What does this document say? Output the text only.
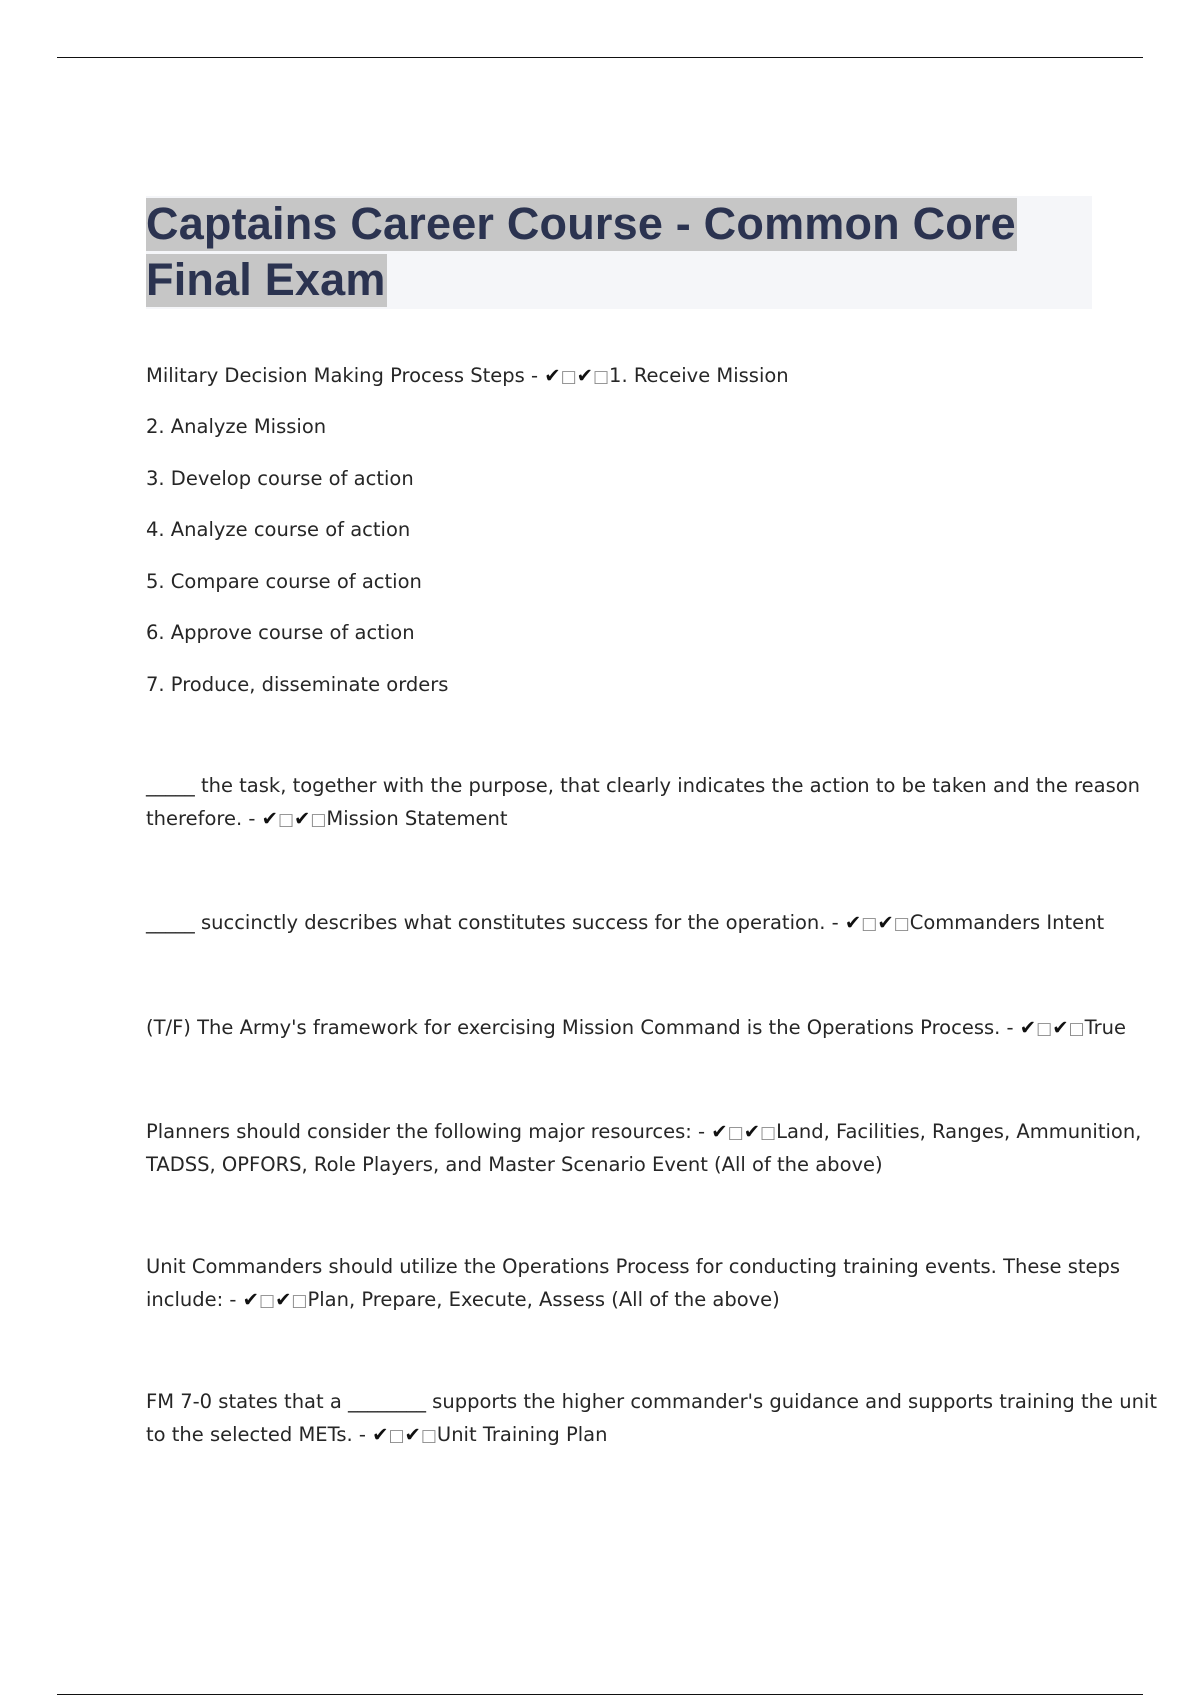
Captains Career Course - Common Core
Final Exam
Military Decision Making Process Steps - ✔□✔□1. Receive Mission
2. Analyze Mission
3. Develop course of action
4. Analyze course of action
5. Compare course of action
6. Approve course of action
7. Produce, disseminate orders
_____ the task, together with the purpose, that clearly indicates the action to be taken and the reason
therefore. - ✔□✔□Mission Statement
_____ succinctly describes what constitutes success for the operation. - ✔□✔□Commanders Intent
(T/F) The Army's framework for exercising Mission Command is the Operations Process. - ✔□✔□True
Planners should consider the following major resources: - ✔□✔□Land, Facilities, Ranges, Ammunition,
TADSS, OPFORS, Role Players, and Master Scenario Event (All of the above)
Unit Commanders should utilize the Operations Process for conducting training events. These steps
include: - ✔□✔□Plan, Prepare, Execute, Assess (All of the above)
FM 7-0 states that a ________ supports the higher commander's guidance and supports training the unit
to the selected METs. - ✔□✔□Unit Training Plan
